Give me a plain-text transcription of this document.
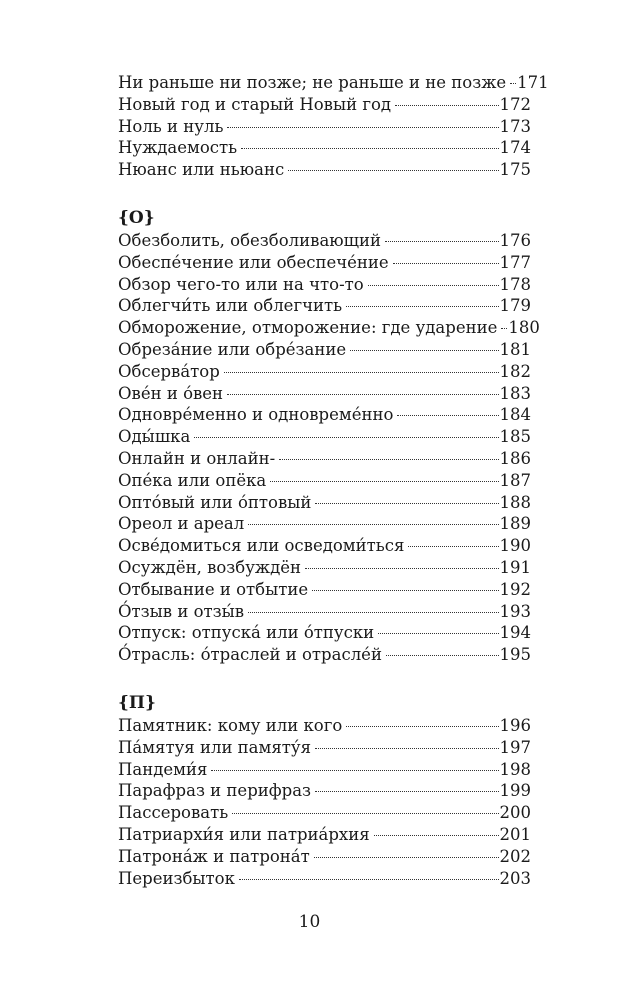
Ни раньше ни позже; не раньше и не позже 171
Новый год и старый Новый год	172
Ноль и нуль	173
Нуждаемость	174
Нюанс или ньюанс	175
{О}
Обезболить, обезболивающий	176
Обеспе́чение или обеспече́ние	177
Обзор чего-то или на что-то	178
Облегчи́ть или облегчить	179
Обморожение, отморожение: где ударение 180
Обреза́ние или обре́зание	181
Обсерва́тор	182
Ове́н и о́вен	183
Одновре́менно и одновреме́нно	184
Оды́шка	185
Онлайн и онлайн-	186
Опе́ка или опёка	187
Опто́вый или о́птовый	188
Ореол и ареал	189
Осве́домиться или осведоми́ться	190
Осуждён, возбуждён	191
Отбывание и отбытие	192
О́тзыв и отзы́в	193
Отпуск: отпуска́ или о́тпуски	194
О́трасль: о́траслей и отрасле́й	195
{П}
Памятник: кому или кого	196
Па́мятуя или памяту́я	197
Пандеми́я	198
Парафраз и перифраз	199
Пассеровать	200
Патриархи́я или патриа́рхия	201
Патрона́ж и патрона́т	202
Переизбыток	203
10
